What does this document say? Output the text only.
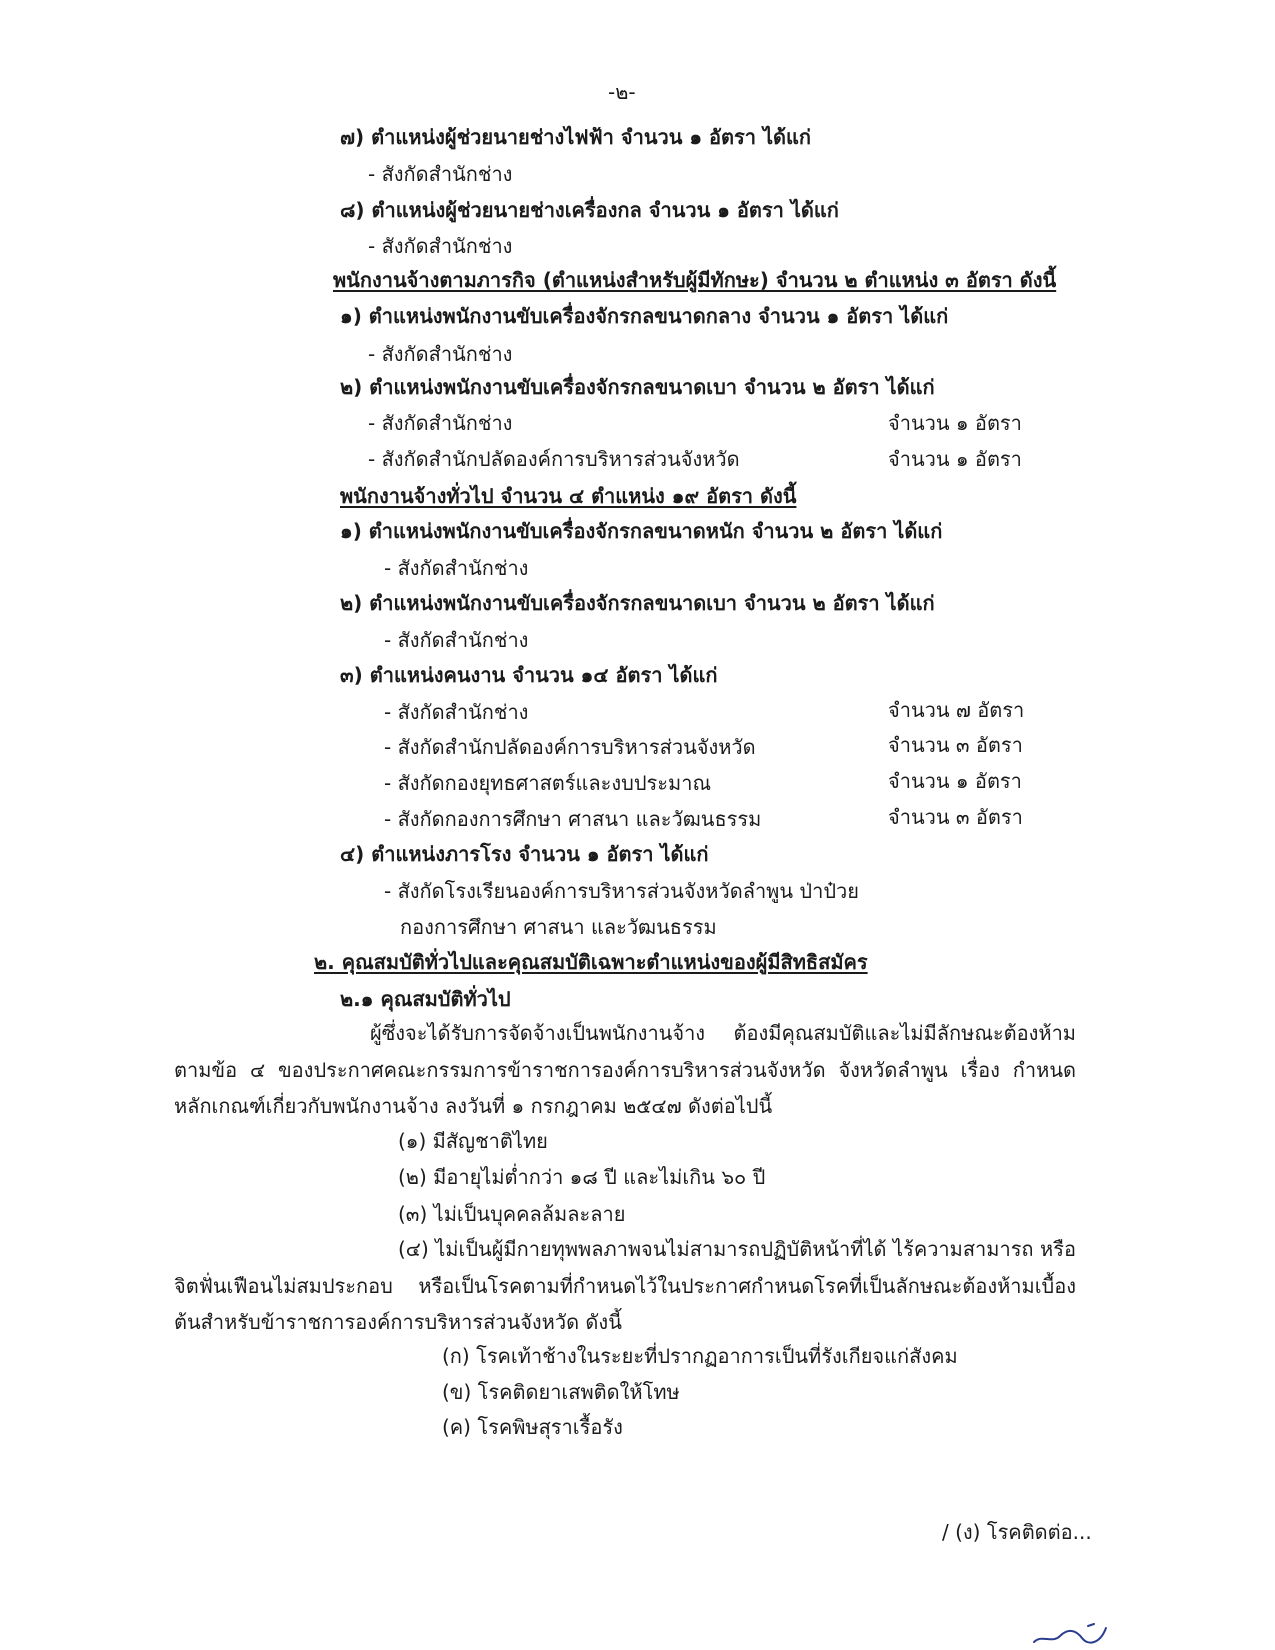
-๒-
๗) ตำแหน่งผู้ช่วยนายช่างไฟฟ้า จำนวน ๑ อัตรา ได้แก่
- สังกัดสำนักช่าง
๘) ตำแหน่งผู้ช่วยนายช่างเครื่องกล จำนวน ๑ อัตรา ได้แก่
- สังกัดสำนักช่าง
พนักงานจ้างตามภารกิจ (ตำแหน่งสำหรับผู้มีทักษะ) จำนวน ๒ ตำแหน่ง ๓ อัตรา ดังนี้
๑) ตำแหน่งพนักงานขับเครื่องจักรกลขนาดกลาง จำนวน ๑ อัตรา ได้แก่
- สังกัดสำนักช่าง
๒) ตำแหน่งพนักงานขับเครื่องจักรกลขนาดเบา จำนวน ๒ อัตรา ได้แก่
- สังกัดสำนักช่าง	จำนวน ๑ อัตรา
- สังกัดสำนักปลัดองค์การบริหารส่วนจังหวัด	จำนวน ๑ อัตรา
พนักงานจ้างทั่วไป จำนวน ๔ ตำแหน่ง ๑๙ อัตรา ดังนี้
๑) ตำแหน่งพนักงานขับเครื่องจักรกลขนาดหนัก จำนวน ๒ อัตรา ได้แก่
- สังกัดสำนักช่าง
๒) ตำแหน่งพนักงานขับเครื่องจักรกลขนาดเบา จำนวน ๒ อัตรา ได้แก่
- สังกัดสำนักช่าง
๓) ตำแหน่งคนงาน จำนวน ๑๔ อัตรา ได้แก่
- สังกัดสำนักช่าง	จำนวน ๗ อัตรา
- สังกัดสำนักปลัดองค์การบริหารส่วนจังหวัด	จำนวน ๓ อัตรา
- สังกัดกองยุทธศาสตร์และงบประมาณ	จำนวน ๑ อัตรา
- สังกัดกองการศึกษา ศาสนา และวัฒนธรรม	จำนวน ๓ อัตรา
๔) ตำแหน่งภารโรง จำนวน ๑ อัตรา ได้แก่
- สังกัดโรงเรียนองค์การบริหารส่วนจังหวัดลำพูน ป่าป๋วย
กองการศึกษา ศาสนา และวัฒนธรรม
๒. คุณสมบัติทั่วไปและคุณสมบัติเฉพาะตำแหน่งของผู้มีสิทธิสมัคร
๒.๑ คุณสมบัติทั่วไป
ผู้ซึ่งจะได้รับการจัดจ้างเป็นพนักงานจ้าง ต้องมีคุณสมบัติและไม่มีลักษณะต้องห้าม ตามข้อ ๔ ของประกาศคณะกรรมการข้าราชการองค์การบริหารส่วนจังหวัด จังหวัดลำพูน เรื่อง กำหนดหลักเกณฑ์เกี่ยวกับพนักงานจ้าง ลงวันที่ ๑ กรกฎาคม ๒๕๔๗ ดังต่อไปนี้
(๑) มีสัญชาติไทย
(๒) มีอายุไม่ต่ำกว่า ๑๘ ปี และไม่เกิน ๖๐ ปี
(๓) ไม่เป็นบุคคลล้มละลาย
(๔) ไม่เป็นผู้มีกายทุพพลภาพจนไม่สามารถปฏิบัติหน้าที่ได้ ไร้ความสามารถ หรือจิตฟั่นเฟือนไม่สมประกอบ หรือเป็นโรคตามที่กำหนดไว้ในประกาศกำหนดโรคที่เป็นลักษณะต้องห้ามเบื้องต้นสำหรับข้าราชการองค์การบริหารส่วนจังหวัด ดังนี้
(ก) โรคเท้าช้างในระยะที่ปรากฏอาการเป็นที่รังเกียจแก่สังคม
(ข) โรคติดยาเสพติดให้โทษ
(ค) โรคพิษสุราเรื้อรัง
/ (ง) โรคติดต่อ...
